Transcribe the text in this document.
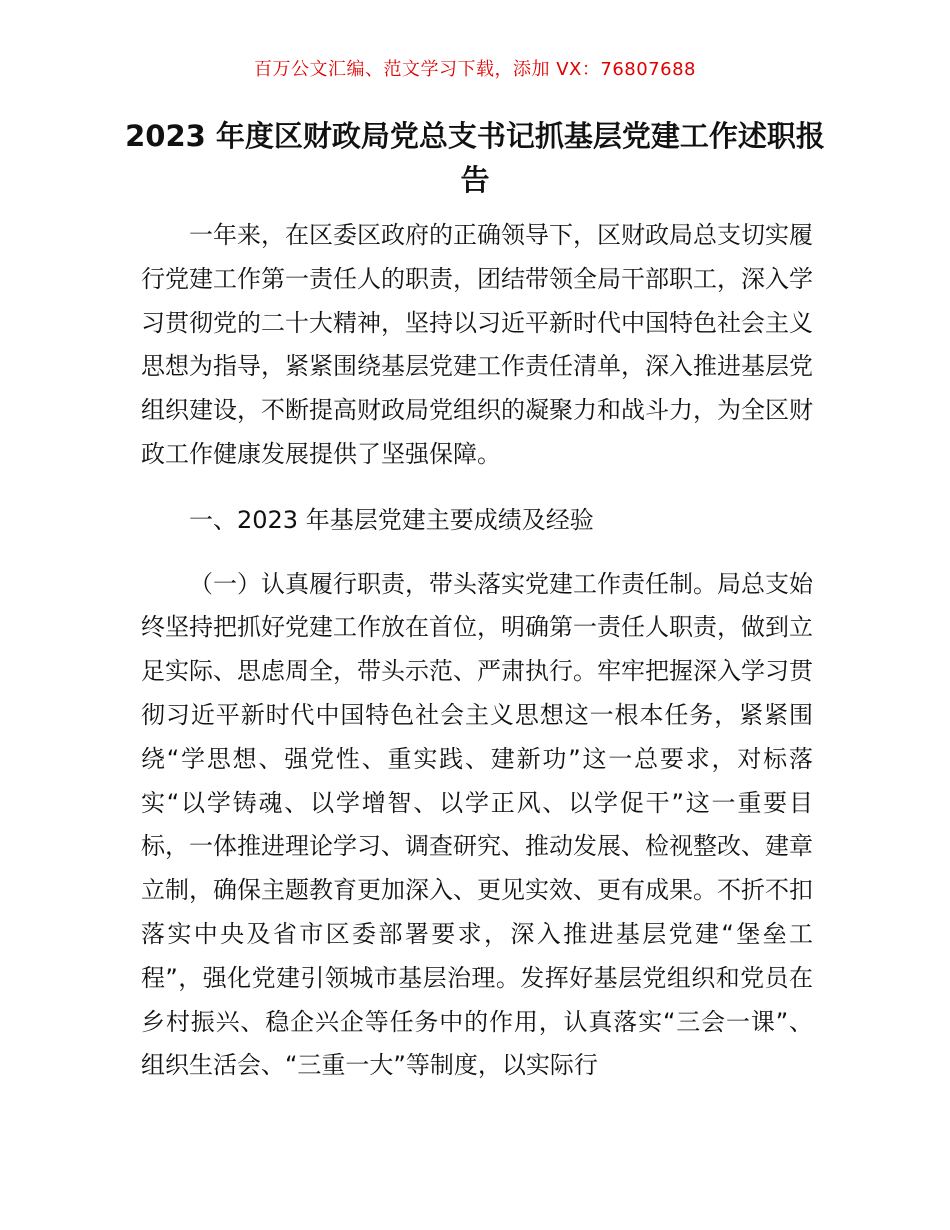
百万公文汇编、范文学习下载，添加 VX：76807688
2023 年度区财政局党总支书记抓基层党建工作述职报告

一年来，在区委区政府的正确领导下，区财政局总支切实履行党建工作第一责任人的职责，团结带领全局干部职工，深入学习贯彻党的二十大精神，坚持以习近平新时代中国特色社会主义思想为指导，紧紧围绕基层党建工作责任清单，深入推进基层党组织建设，不断提高财政局党组织的凝聚力和战斗力，为全区财政工作健康发展提供了坚强保障。

一、2023 年基层党建主要成绩及经验

（一）认真履行职责，带头落实党建工作责任制。局总支始终坚持把抓好党建工作放在首位，明确第一责任人职责，做到立足实际、思虑周全，带头示范、严肃执行。牢牢把握深入学习贯彻习近平新时代中国特色社会主义思想这一根本任务，紧紧围绕“学思想、强党性、重实践、建新功”这一总要求，对标落实“以学铸魂、以学增智、以学正风、以学促干”这一重要目标，一体推进理论学习、调查研究、推动发展、检视整改、建章立制，确保主题教育更加深入、更见实效、更有成果。不折不扣落实中央及省市区委部署要求，深入推进基层党建“堡垒工程”，强化党建引领城市基层治理。发挥好基层党组织和党员在乡村振兴、稳企兴企等任务中的作用，认真落实“三会一课”、组织生活会、“三重一大”等制度，以实际行
